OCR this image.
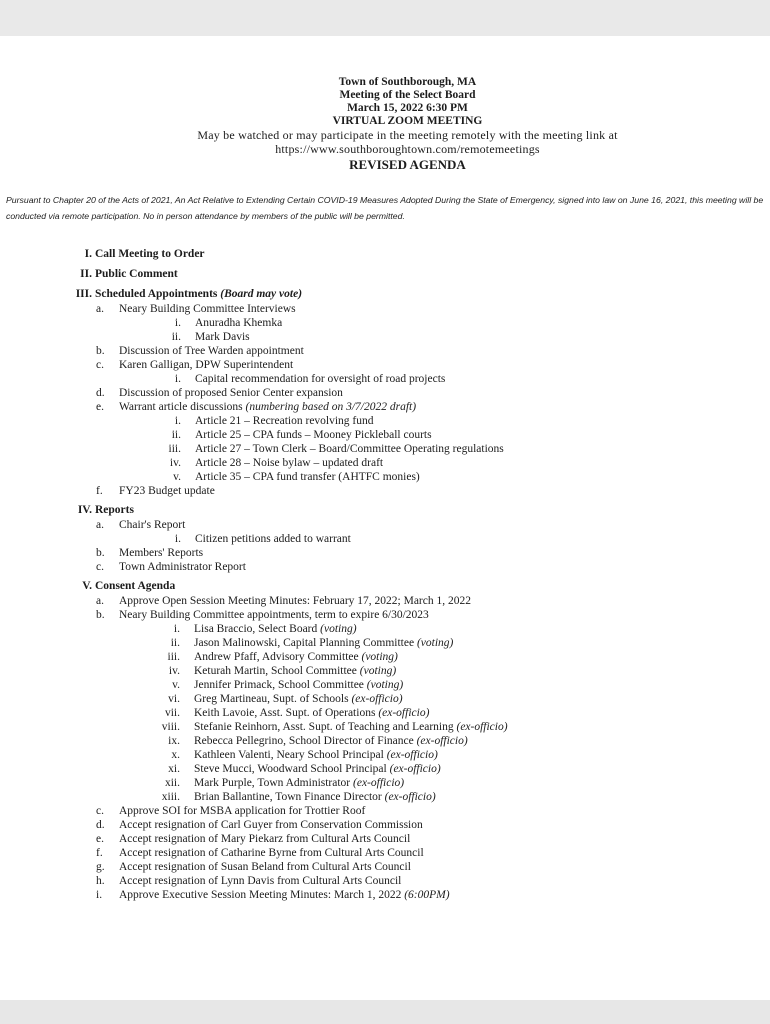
Town of Southborough, MA
Meeting of the Select Board
March 15, 2022 6:30 PM
VIRTUAL ZOOM MEETING
May be watched or may participate in the meeting remotely with the meeting link at
https://www.southboroughtown.com/remotemeetings
REVISED AGENDA
Pursuant to Chapter 20 of the Acts of 2021, An Act Relative to Extending Certain COVID-19 Measures Adopted During the State of Emergency, signed into law on June 16, 2021, this meeting will be conducted via remote participation. No in person attendance by members of the public will be permitted.
I. Call Meeting to Order
II. Public Comment
III. Scheduled Appointments (Board may vote)
a. Neary Building Committee Interviews
i. Anuradha Khemka
ii. Mark Davis
b. Discussion of Tree Warden appointment
c. Karen Galligan, DPW Superintendent
i. Capital recommendation for oversight of road projects
d. Discussion of proposed Senior Center expansion
e. Warrant article discussions (numbering based on 3/7/2022 draft)
i. Article 21 – Recreation revolving fund
ii. Article 25 – CPA funds – Mooney Pickleball courts
iii. Article 27 – Town Clerk – Board/Committee Operating regulations
iv. Article 28 – Noise bylaw – updated draft
v. Article 35 – CPA fund transfer (AHTFC monies)
f. FY23 Budget update
IV. Reports
a. Chair's Report
i. Citizen petitions added to warrant
b. Members' Reports
c. Town Administrator Report
V. Consent Agenda
a. Approve Open Session Meeting Minutes: February 17, 2022; March 1, 2022
b. Neary Building Committee appointments, term to expire 6/30/2023
i. Lisa Braccio, Select Board (voting)
ii. Jason Malinowski, Capital Planning Committee (voting)
iii. Andrew Pfaff, Advisory Committee (voting)
iv. Keturah Martin, School Committee (voting)
v. Jennifer Primack, School Committee (voting)
vi. Greg Martineau, Supt. of Schools (ex-officio)
vii. Keith Lavoie, Asst. Supt. of Operations (ex-officio)
viii. Stefanie Reinhorn, Asst. Supt. of Teaching and Learning (ex-officio)
ix. Rebecca Pellegrino, School Director of Finance (ex-officio)
x. Kathleen Valenti, Neary School Principal (ex-officio)
xi. Steve Mucci, Woodward School Principal (ex-officio)
xii. Mark Purple, Town Administrator (ex-officio)
xiii. Brian Ballantine, Town Finance Director (ex-officio)
c. Approve SOI for MSBA application for Trottier Roof
d. Accept resignation of Carl Guyer from Conservation Commission
e. Accept resignation of Mary Piekarz from Cultural Arts Council
f. Accept resignation of Catharine Byrne from Cultural Arts Council
g. Accept resignation of Susan Beland from Cultural Arts Council
h. Accept resignation of Lynn Davis from Cultural Arts Council
i. Approve Executive Session Meeting Minutes: March 1, 2022 (6:00PM)
